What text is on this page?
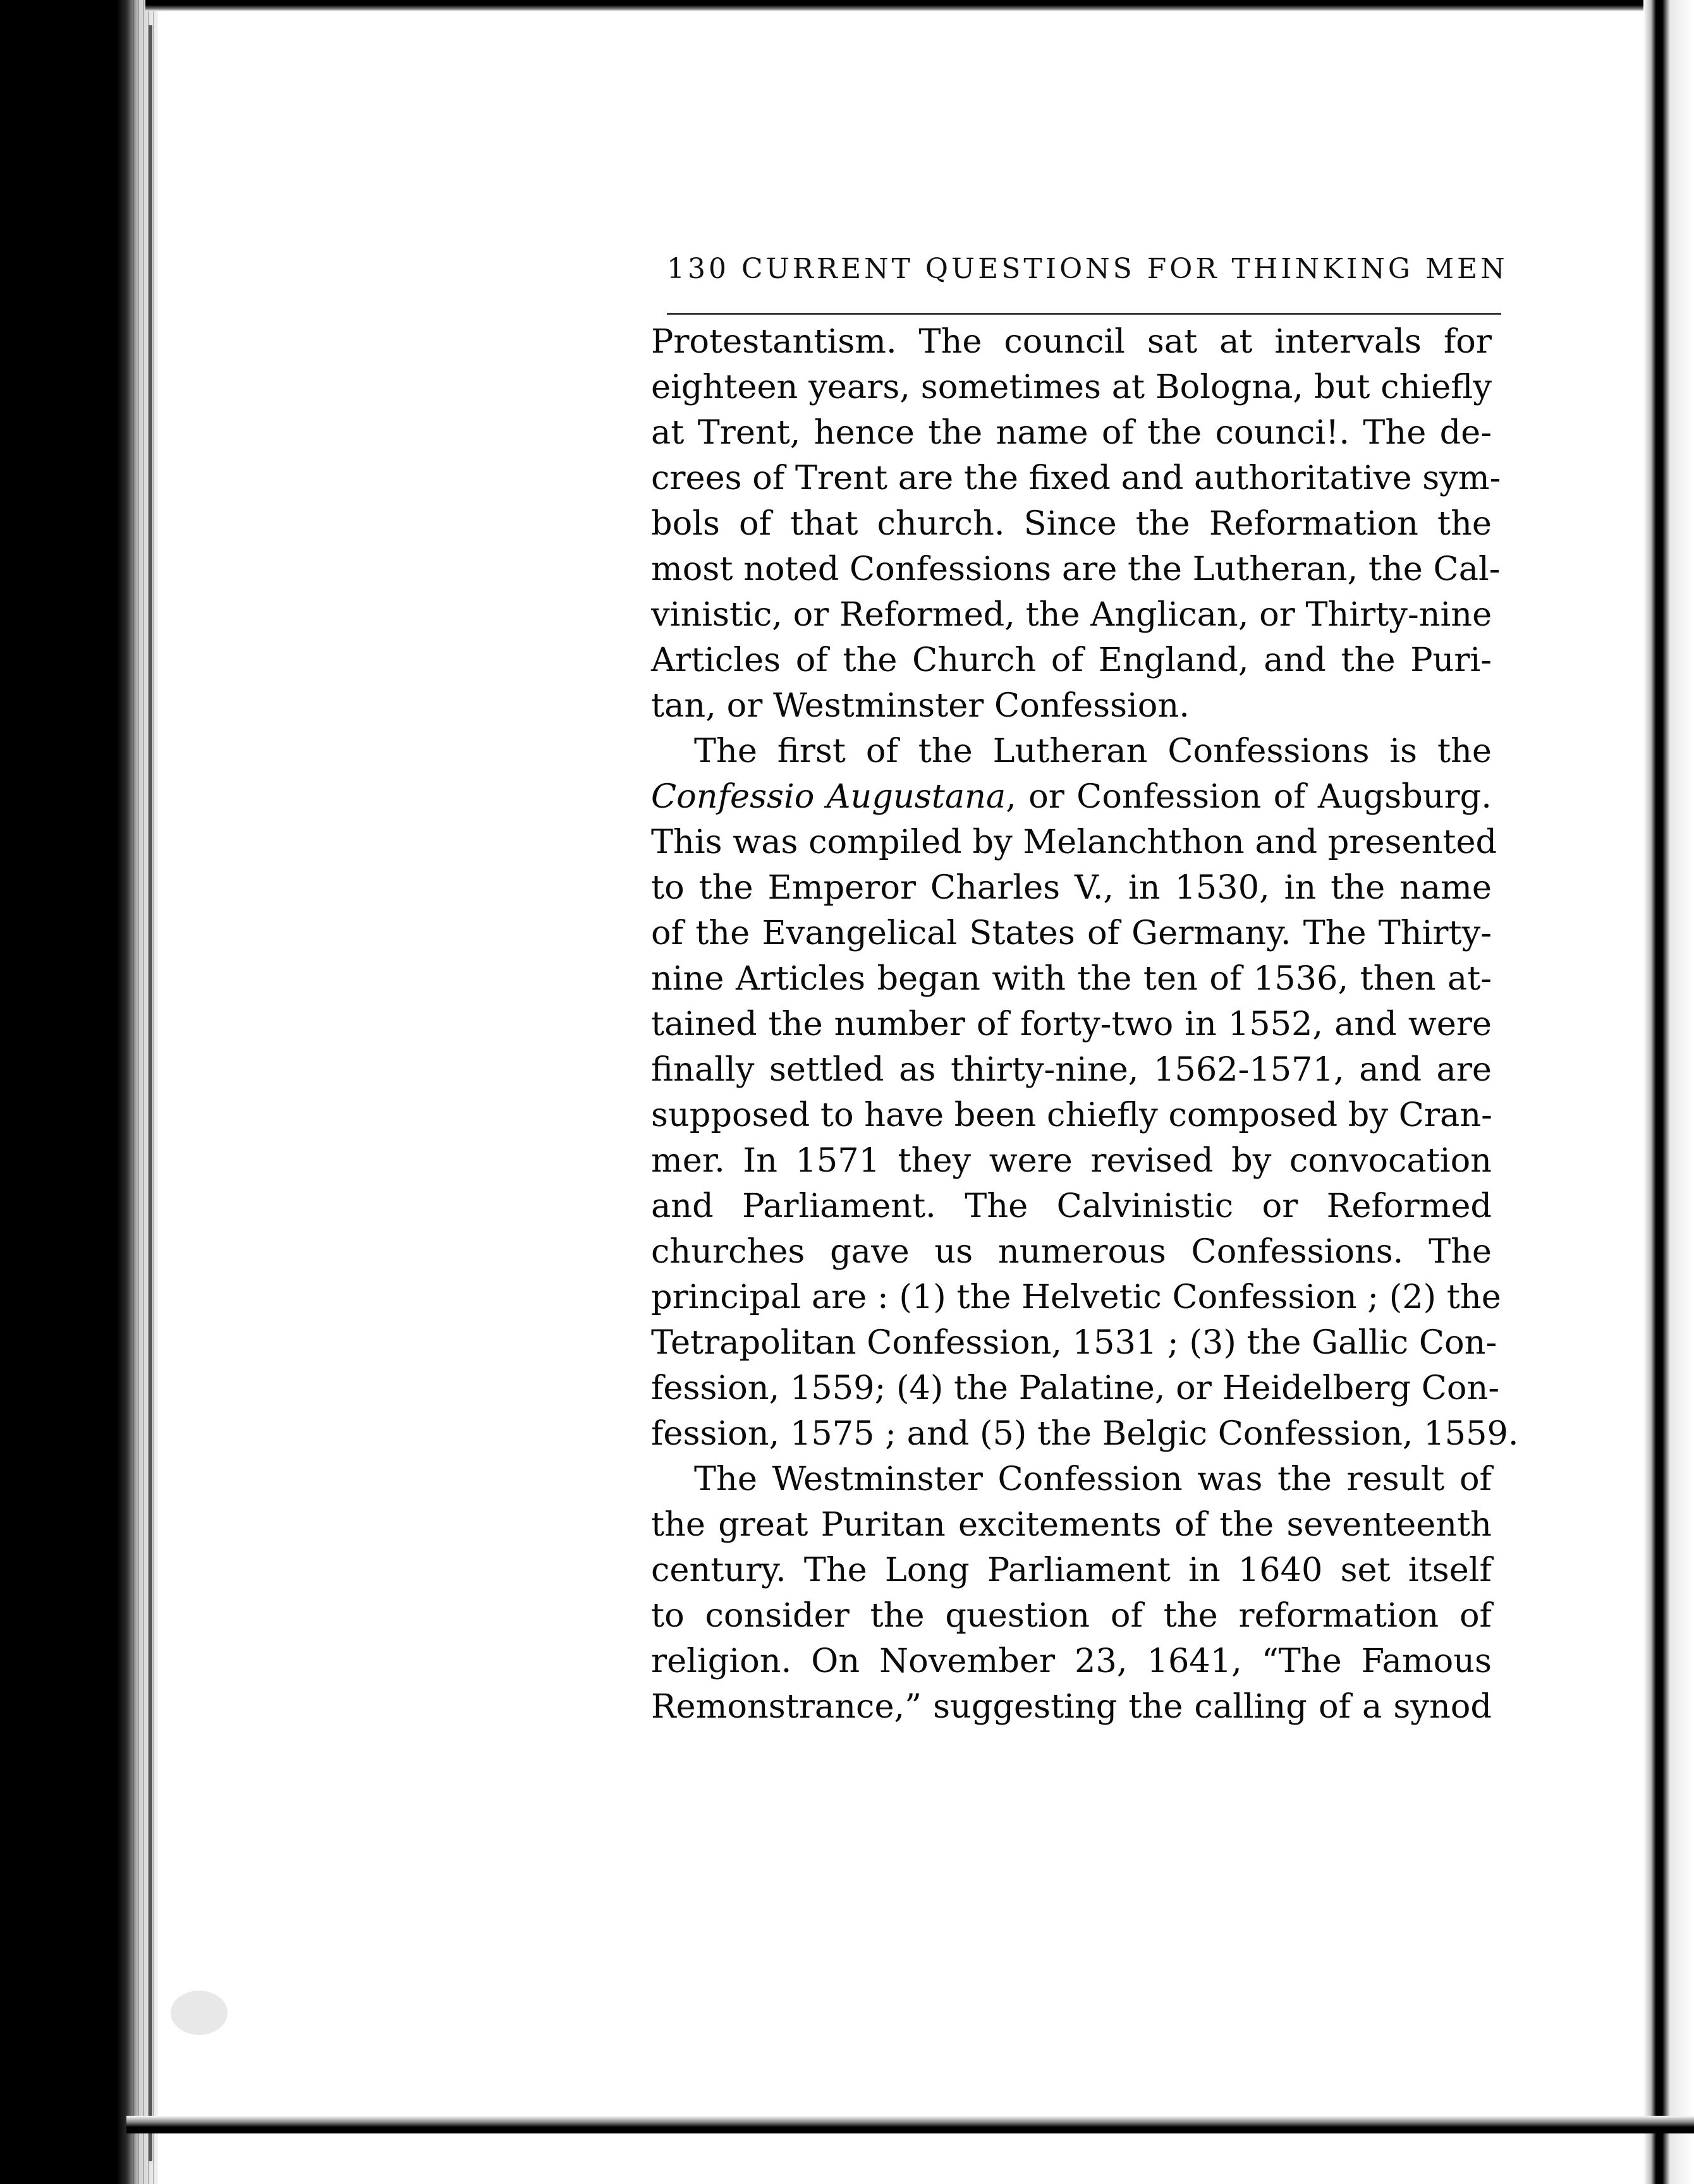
130 CURRENT QUESTIONS FOR THINKING MEN
Protestantism. The council sat at intervals for
eighteen years, sometimes at Bologna, but chiefly
at Trent, hence the name of the counci!. The de-
crees of Trent are the fixed and authoritative sym-
bols of that church. Since the Reformation the
most noted Confessions are the Lutheran, the Cal-
vinistic, or Reformed, the Anglican, or Thirty-nine
Articles of the Church of England, and the Puri-
tan, or Westminster Confession.
The first of the Lutheran Confessions is the
Confessio Augustana, or Confession of Augsburg.
This was compiled by Melanchthon and presented
to the Emperor Charles V., in 1530, in the name
of the Evangelical States of Germany. The Thirty-
nine Articles began with the ten of 1536, then at-
tained the number of forty-two in 1552, and were
finally settled as thirty-nine, 1562-1571, and are
supposed to have been chiefly composed by Cran-
mer. In 1571 they were revised by convocation
and Parliament. The Calvinistic or Reformed
churches gave us numerous Confessions. The
principal are : (1) the Helvetic Confession ; (2) the
Tetrapolitan Confession, 1531 ; (3) the Gallic Con-
fession, 1559; (4) the Palatine, or Heidelberg Con-
fession, 1575 ; and (5) the Belgic Confession, 1559.
The Westminster Confession was the result of
the great Puritan excitements of the seventeenth
century. The Long Parliament in 1640 set itself
to consider the question of the reformation of
religion. On November 23, 1641, “The Famous
Remonstrance,” suggesting the calling of a synod
